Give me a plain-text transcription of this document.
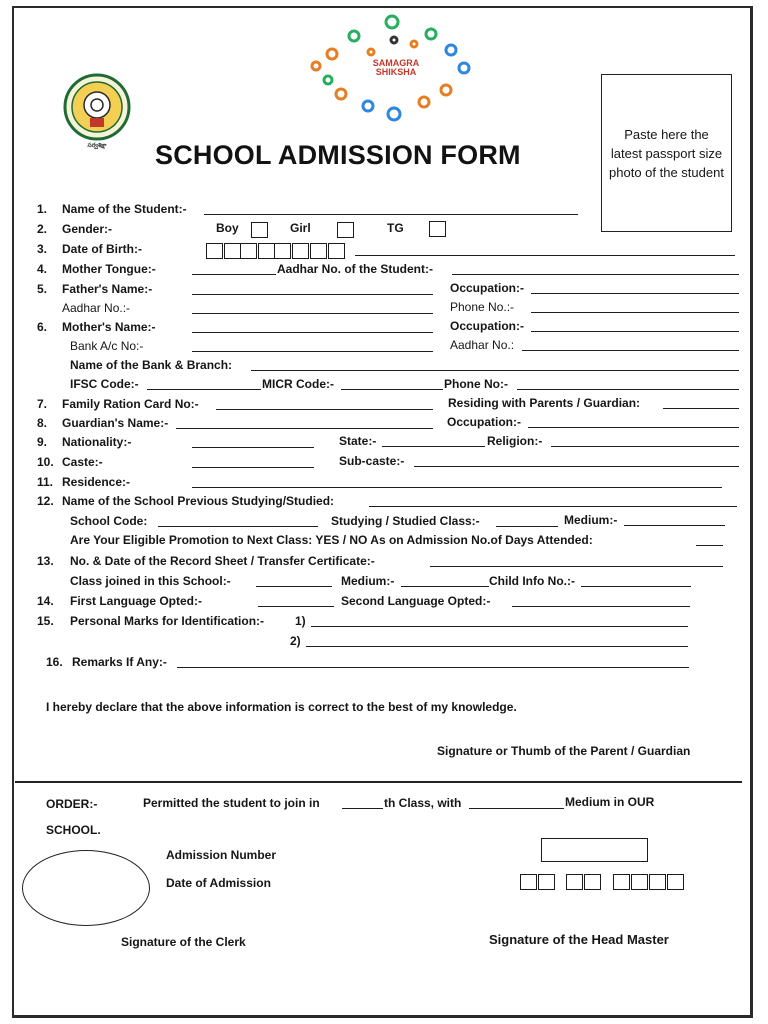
సర్వశిక్షా
SAMAGRA
SHIKSHA
SCHOOL ADMISSION FORM
Paste here the latest passport size photo of the student
1. Name of the Student:-
2. Gender:-	Boy	Girl	TG
3. Date of Birth:-
4. Mother Tongue:-	Aadhar No. of the Student:-
5. Father's Name:-	Occupation:-
Aadhar No.:-	Phone No.:-
6. Mother's Name:-	Occupation:-
Bank A/c No:-	Aadhar No.:
Name of the Bank & Branch:
IFSC Code:-	MICR Code:-	Phone No:-
7. Family Ration Card No:-	Residing with Parents / Guardian:
8. Guardian's Name:-	Occupation:-
9. Nationality:-	State:-	Religion:-
10. Caste:-	Sub-caste:-
11. Residence:-
12. Name of the School Previous Studying/Studied:
School Code:	Studying / Studied Class:-	Medium:-
Are Your Eligible Promotion to Next Class: YES / NO As on Admission No.of Days Attended:
13. No. & Date of the Record Sheet / Transfer Certificate:-
Class joined in this School:-	Medium:-	Child Info No.:-
14. First Language Opted:-	Second Language Opted:-
15. Personal Marks for Identification:-	1)
2)
16. Remarks If Any:-
I hereby declare that the above information is correct to the best of my knowledge.
Signature or Thumb of the Parent / Guardian
ORDER:-	Permitted the student to join in	th Class, with	Medium in OUR
SCHOOL.
Admission Number
Date of Admission
Signature of the Clerk	Signature of the Head Master
